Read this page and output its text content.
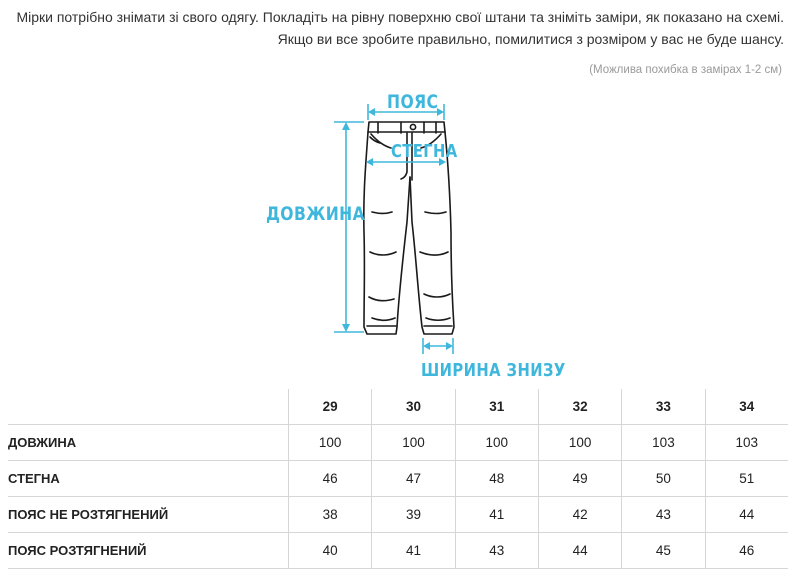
Мірки потрібно знімати зі свого одягу. Покладіть на рівну поверхню свої штани та зніміть заміри, як показано на схемі.

Якщо ви все зробите правильно, помилитися з розміром у вас не буде шансу.

(Можлива похибка в замірах 1-2 см)
ПОЯС
СТЕГНА
ДОВЖИНА
ШИРИНА ЗНИЗУ
	29	30	31	32	33	34
ДОВЖИНА	100	100	100	100	103	103
СТЕГНА	46	47	48	49	50	51
ПОЯС НЕ РОЗТЯГНЕНИЙ	38	39	41	42	43	44
ПОЯС РОЗТЯГНЕНИЙ	40	41	43	44	45	46
